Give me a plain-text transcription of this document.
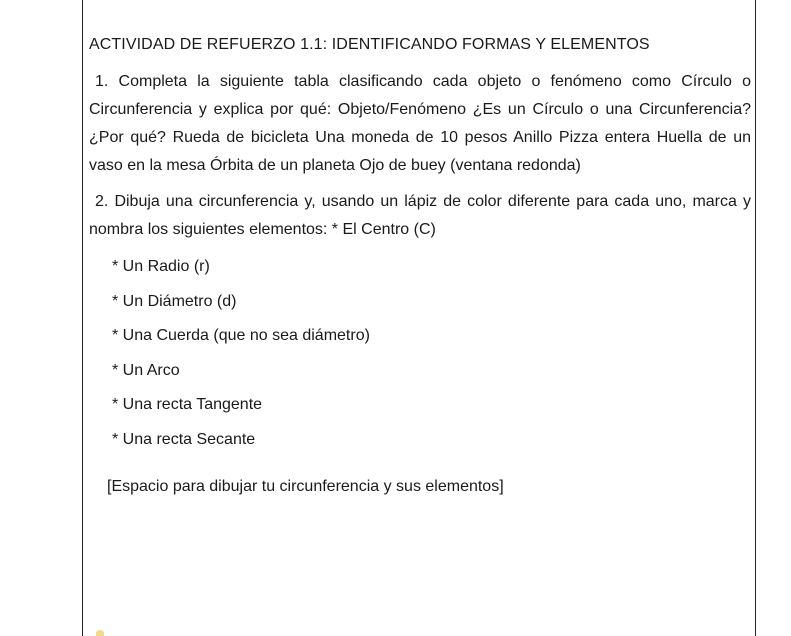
ACTIVIDAD DE REFUERZO 1.1: IDENTIFICANDO FORMAS Y ELEMENTOS

1. Completa la siguiente tabla clasificando cada objeto o fenómeno como Círculo o Circunferencia y explica por qué: Objeto/Fenómeno ¿Es un Círculo o una Circunferencia? ¿Por qué? Rueda de bicicleta Una moneda de 10 pesos Anillo Pizza entera Huella de un vaso en la mesa Órbita de un planeta Ojo de buey (ventana redonda)

2. Dibuja una circunferencia y, usando un lápiz de color diferente para cada uno, marca y nombra los siguientes elementos: * El Centro (C)

* Un Radio (r)
* Un Diámetro (d)
* Una Cuerda (que no sea diámetro)
* Un Arco
* Una recta Tangente
* Una recta Secante

[Espacio para dibujar tu circunferencia y sus elementos]
